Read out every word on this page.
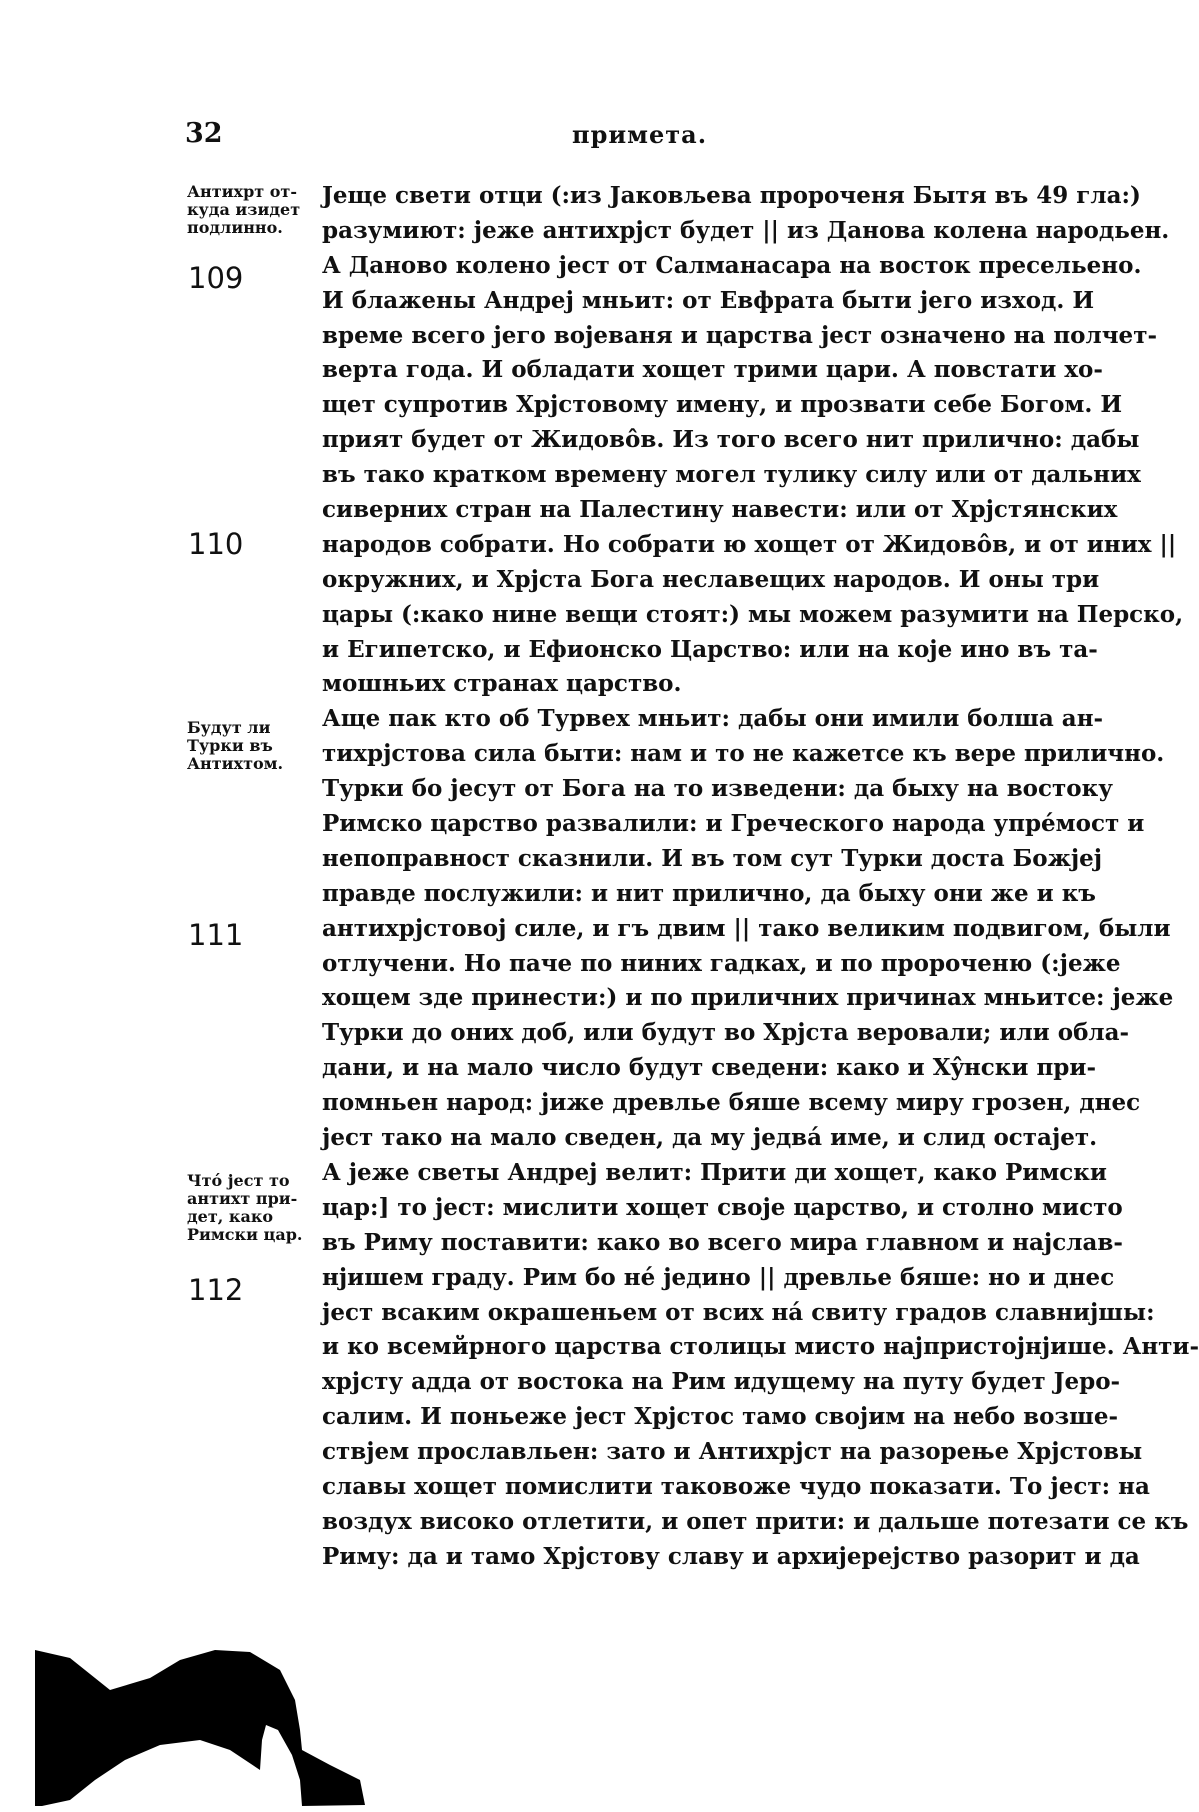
32	примета.
Антихрт от-
куда изидет
подлинно.
Будут ли
Турки въ
Антихтом.
Чтó јест то
антихт при-
дет, како
Римски цар.
109
110
111
112
Јеще свети отци (:из Јаковљева пророченя Бытя въ 49 гла:)
разумиют: јеже антихрјст будет || из Данова колена народьен.
А Даново колено јест от Салманасара на восток пресельено.
И блажены Андреј мньит: от Евфрата быти јего изход. И
време всего јего војеваня и царства јест означено на полчет-
верта года. И обладати хощет трими цари. А повстати хо-
щет супротив Хрјстовому имену, и прозвати себе Богом. И
прият будет от Жидовôв. Из того всего нит прилично: дабы
въ тако кратком времену могел тулику силу или от дальних
сиверних стран на Палестину навести: или от Хрјстянских
народов собрати. Но собрати ю хощет от Жидовôв, и от иних ||
окружних, и Хрјста Бога неславещих народов. И оны три
цары (:како нине вещи стоят:) мы можем разумити на Перско,
и Египетско, и Ефионско Царство: или на које ино въ та-
мошньих странах царство.
Аще пак кто об Турвех мньит: дабы они имили болша ан-
тихрјстова сила быти: нам и то не кажетсе къ вере прилично.
Турки бо јесут от Бога на то изведени: да быху на востоку
Римско царство развалили: и Греческого народа упрéмост и
непоправност сказнили. И въ том сут Турки доста Божјеј
правде послужили: и нит прилично, да быху они же и къ
антихрјстовој силе, и гъ двим || тако великим подвигом, были
отлучени. Но паче по ниних гадках, и по пророченю (:јеже
хощем зде принести:) и по приличних причинах мньитсе: јеже
Турки до оних доб, или будут во Хрјста веровали; или обла-
дани, и на мало число будут сведени: како и Хŷнски при-
помньен народ: јиже древлье бяше всему миру грозен, днес
јест тако на мало сведен, да му једвá име, и слид остајет.
А јеже светы Андреј велит: Прити ди хощет, како Римски
цар:] то јест: мислити хощет своје царство, и столно мисто
въ Риму поставити: како во всего мира главном и најслав-
нјишем граду. Рим бо нé једино || древлье бяше: но и днес
јест всаким окрашеньем от всих нá свиту градов славнијшы:
и ко всемйрного царства столицы мисто најпристојнјише. Анти-
хрјсту адда от востока на Рим идущему на путу будет Јеро-
салим. И поньеже јест Хрјстос тамо својим на небо возше-
ствјем прославльен: зато и Антихрјст на разорење Хрјстовы
славы хощет помислити таковоже чудо показати. То јест: на
воздух високо отлетити, и опет прити: и дальше потезати се къ
Риму: да и тамо Хрјстову славу и архијерејство разорит и да
